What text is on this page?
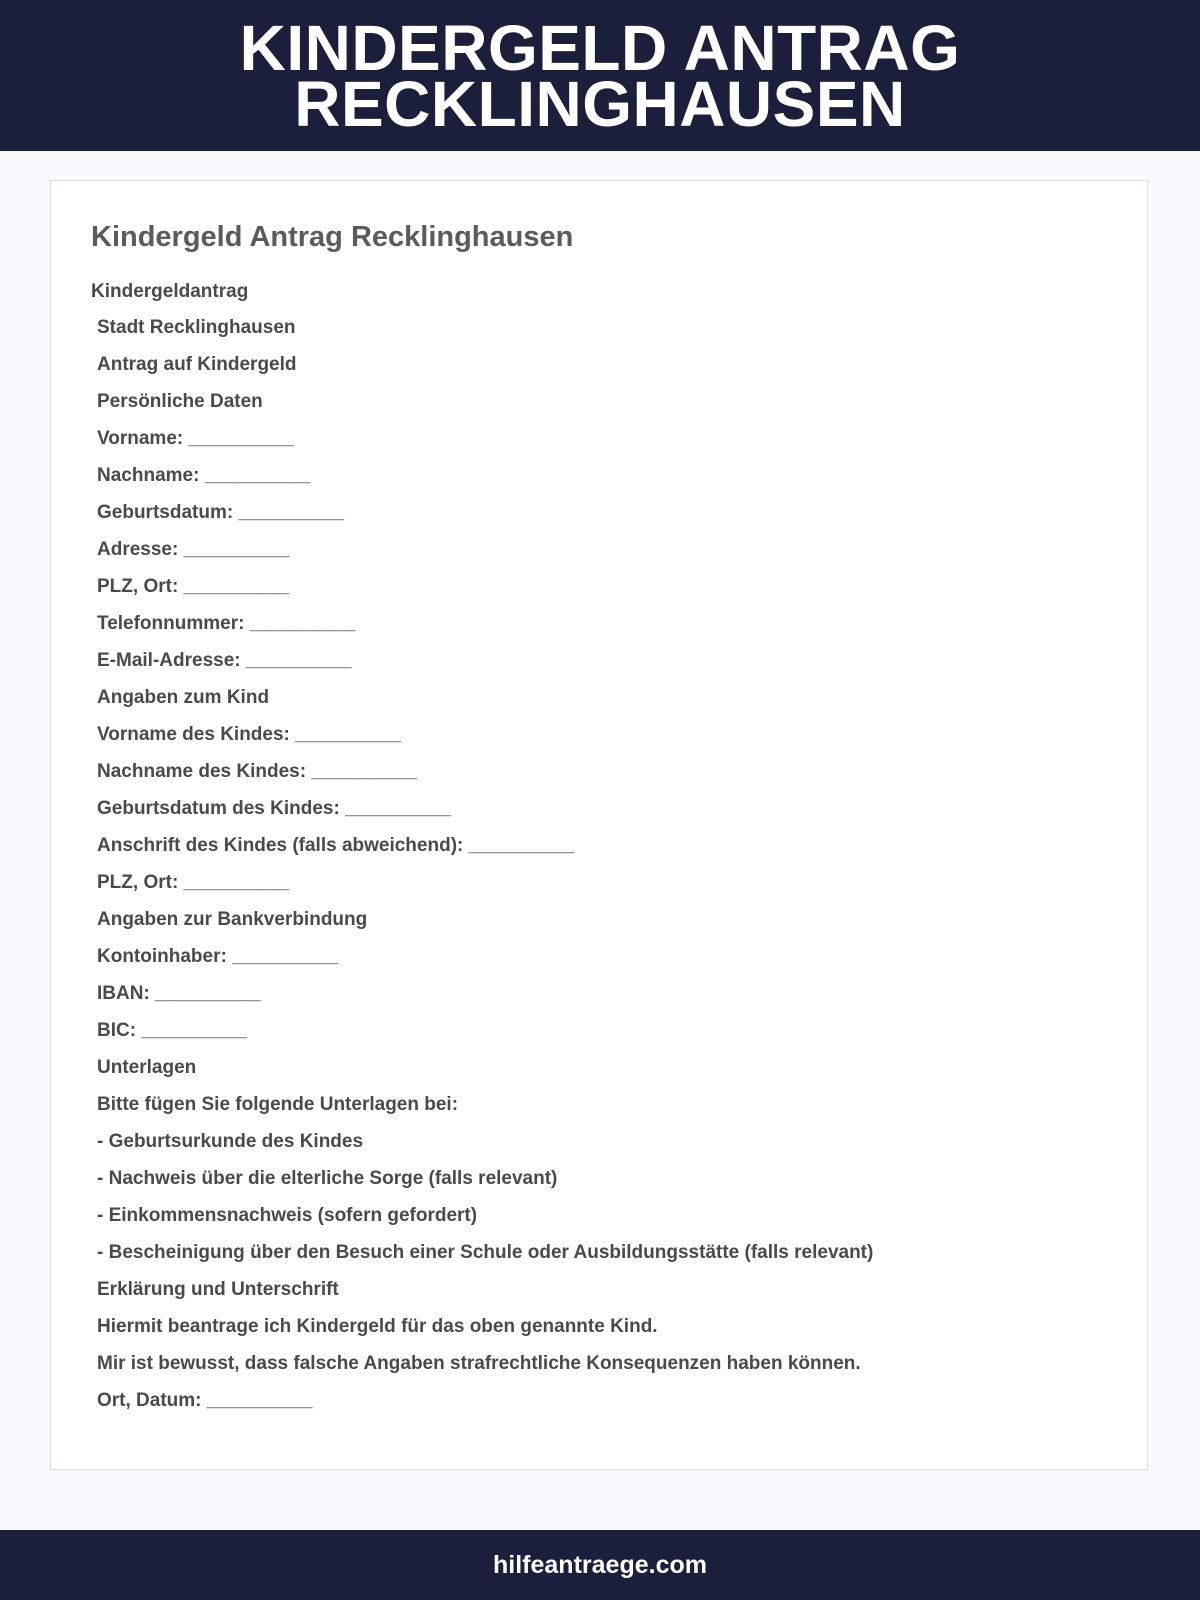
KINDERGELD ANTRAG
RECKLINGHAUSEN
Kindergeld Antrag Recklinghausen
Kindergeldantrag
Stadt Recklinghausen
Antrag auf Kindergeld
Persönliche Daten
Vorname: __________
Nachname: __________
Geburtsdatum: __________
Adresse: __________
PLZ, Ort: __________
Telefonnummer: __________
E-Mail-Adresse: __________
Angaben zum Kind
Vorname des Kindes: __________
Nachname des Kindes: __________
Geburtsdatum des Kindes: __________
Anschrift des Kindes (falls abweichend): __________
PLZ, Ort: __________
Angaben zur Bankverbindung
Kontoinhaber: __________
IBAN: __________
BIC: __________
Unterlagen
Bitte fügen Sie folgende Unterlagen bei:
- Geburtsurkunde des Kindes
- Nachweis über die elterliche Sorge (falls relevant)
- Einkommensnachweis (sofern gefordert)
- Bescheinigung über den Besuch einer Schule oder Ausbildungsstätte (falls relevant)
Erklärung und Unterschrift
Hiermit beantrage ich Kindergeld für das oben genannte Kind.
Mir ist bewusst, dass falsche Angaben strafrechtliche Konsequenzen haben können.
Ort, Datum: __________
hilfeantraege.com
